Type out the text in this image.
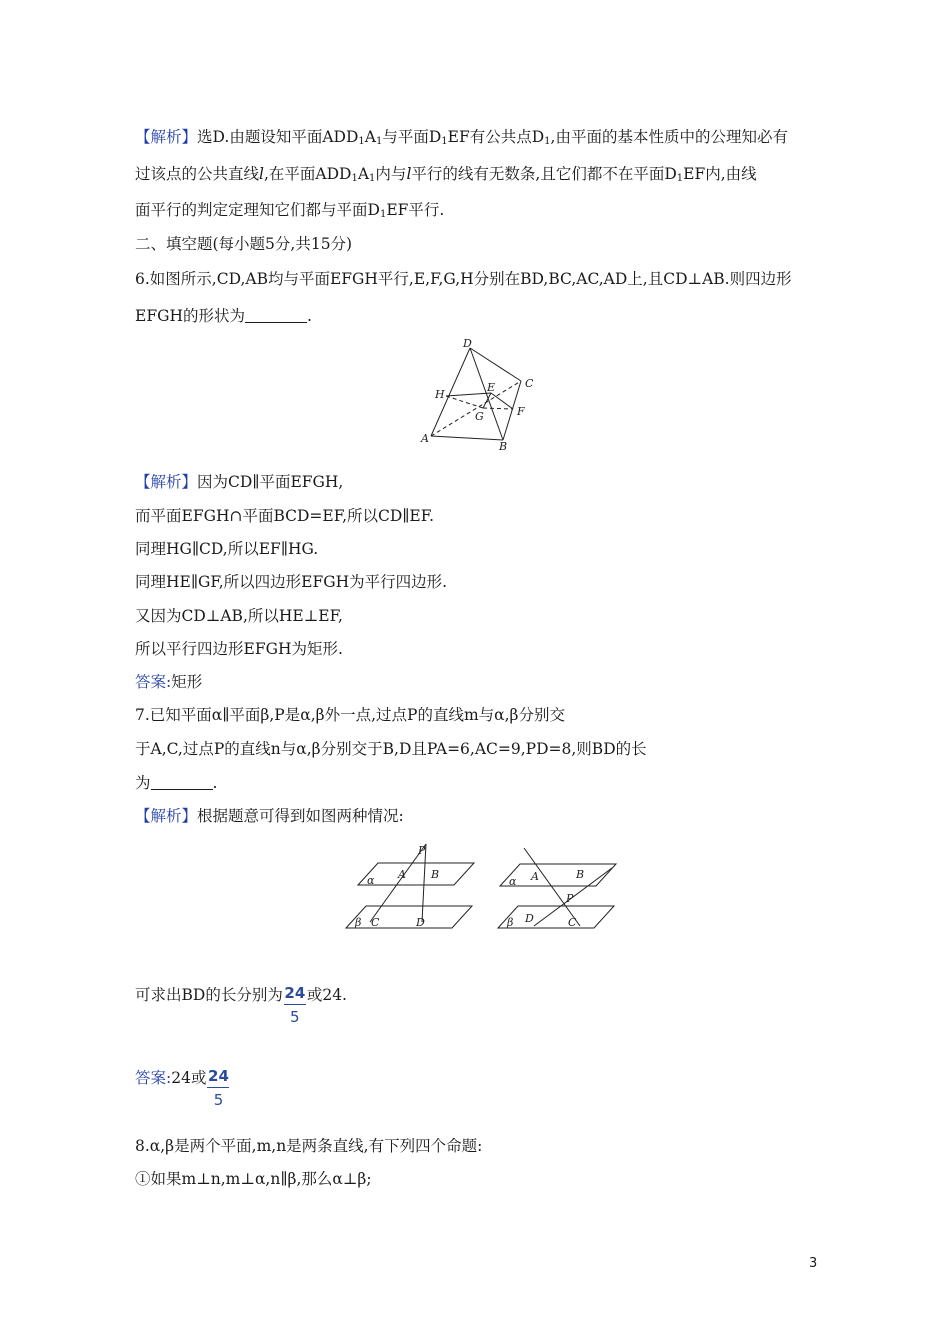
【解析】选D.由题设知平面$ADD_1A_1$与平面$D_1EF$有公共点$D_1$,由平面的基本性质中的公理知必有
过该点的公共直线l,在平面$ADD_1A_1$内与l平行的线有无数条,且它们都不在平面$D_1EF$内,由线
面平行的判定定理知它们都与平面$D_1EF$平行.
二、填空题(每小题5分,共15分)
6.如图所示,CD,AB均与平面EFGH平行,E,F,G,H分别在BD,BC,AC,AD上,且CD⊥AB.则四边形
EFGH的形状为	.
D
C
E
H
F
G
A
B
【解析】因为CD∥平面EFGH,
而平面EFGH∩平面BCD=EF,所以CD∥EF.
同理HG∥CD,所以EF∥HG.
同理HE∥GF,所以四边形EFGH为平行四边形.
又因为CD⊥AB,所以HE⊥EF,
所以平行四边形EFGH为矩形.
答案:矩形
7.已知平面α∥平面β,P是α,β外一点,过点P的直线m与α,β分别交
于A,C,过点P的直线n与α,β分别交于B,D且PA=6,AC=9,PD=8,则BD的长
为	.
【解析】根据题意可得到如图两种情况:
P
A B
α
β C	D
A	B
α
P
β D	C
可求出BD的长分别为 $\frac{24}{5}$ 或24.
答案:24或 $\frac{24}{5}$
8.α,β是两个平面,m,n是两条直线,有下列四个命题:
①如果m⊥n,m⊥α,n∥β,那么α⊥β;
3
